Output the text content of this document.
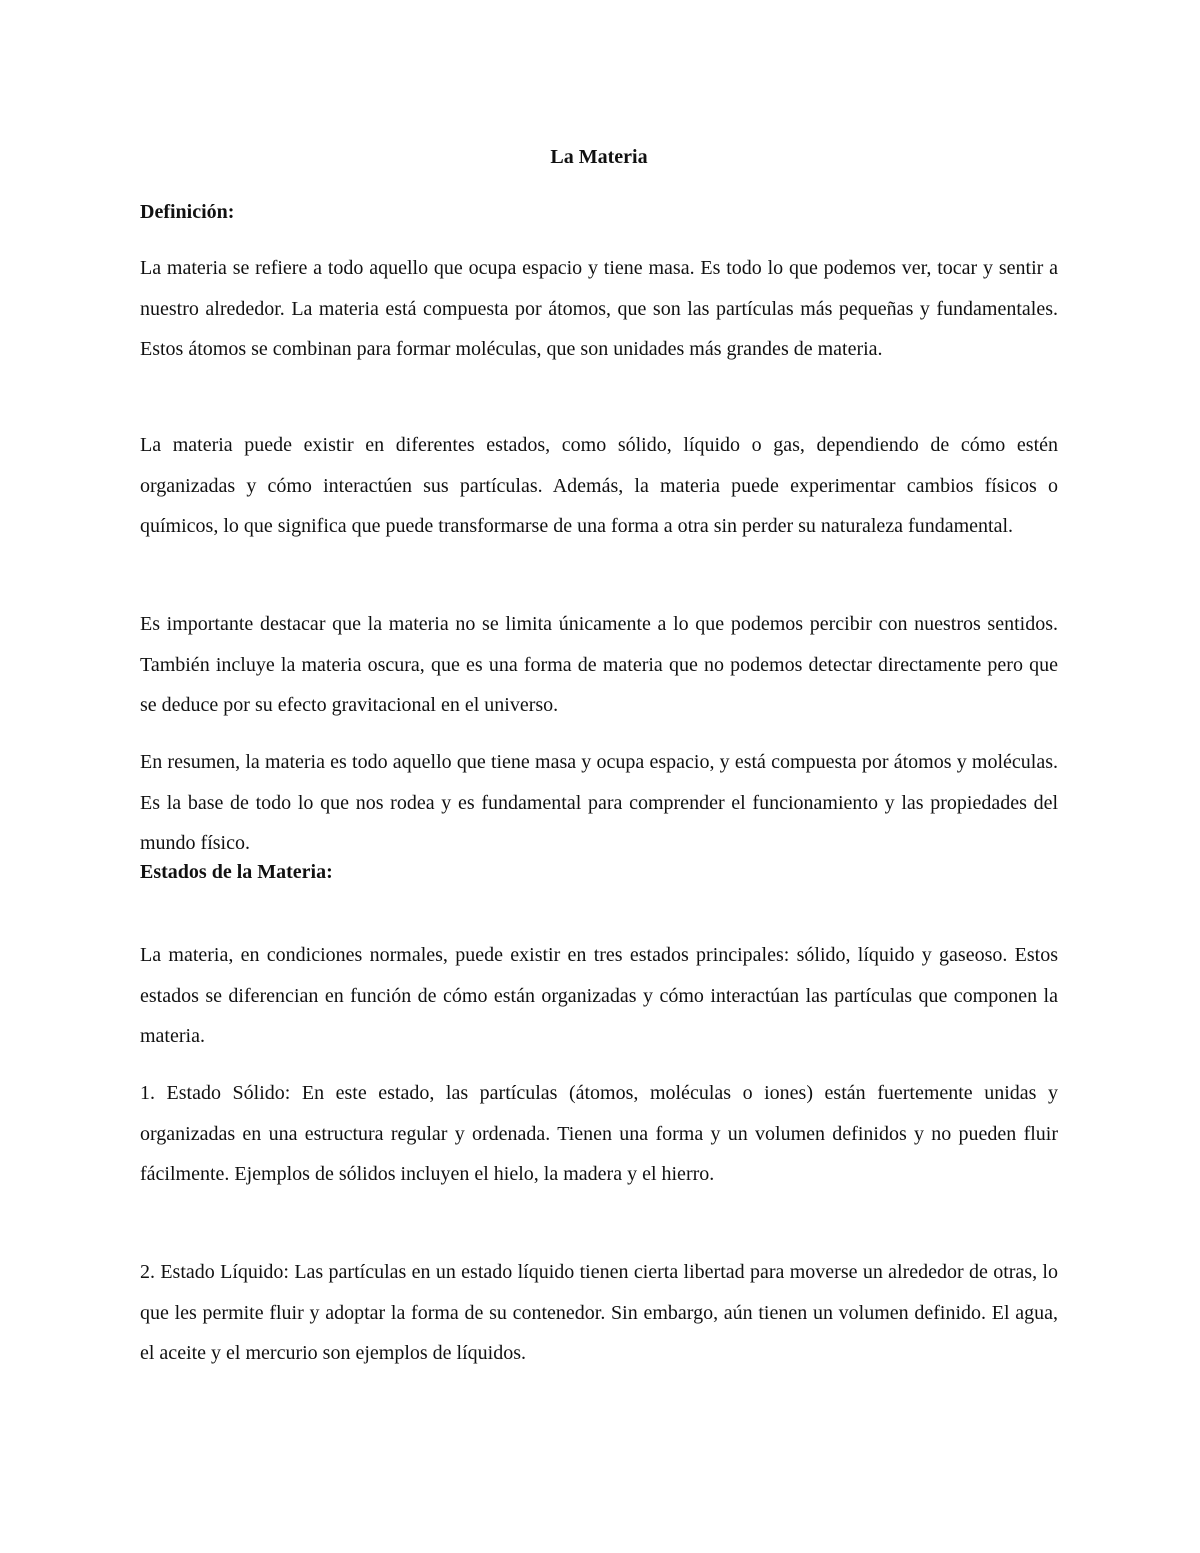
La Materia
Definición:

La materia se refiere a todo aquello que ocupa espacio y tiene masa. Es todo lo que podemos ver, tocar y sentir a nuestro alrededor. La materia está compuesta por átomos, que son las partículas más pequeñas y fundamentales. Estos átomos se combinan para formar moléculas, que son unidades más grandes de materia.

La materia puede existir en diferentes estados, como sólido, líquido o gas, dependiendo de cómo estén organizadas y cómo interactúen sus partículas. Además, la materia puede experimentar cambios físicos o químicos, lo que significa que puede transformarse de una forma a otra sin perder su naturaleza fundamental.

Es importante destacar que la materia no se limita únicamente a lo que podemos percibir con nuestros sentidos. También incluye la materia oscura, que es una forma de materia que no podemos detectar directamente pero que se deduce por su efecto gravitacional en el universo.

En resumen, la materia es todo aquello que tiene masa y ocupa espacio, y está compuesta por átomos y moléculas. Es la base de todo lo que nos rodea y es fundamental para comprender el funcionamiento y las propiedades del mundo físico.

Estados de la Materia:

La materia, en condiciones normales, puede existir en tres estados principales: sólido, líquido y gaseoso. Estos estados se diferencian en función de cómo están organizadas y cómo interactúan las partículas que componen la materia.

1. Estado Sólido: En este estado, las partículas (átomos, moléculas o iones) están fuertemente unidas y organizadas en una estructura regular y ordenada. Tienen una forma y un volumen definidos y no pueden fluir fácilmente. Ejemplos de sólidos incluyen el hielo, la madera y el hierro.

2. Estado Líquido: Las partículas en un estado líquido tienen cierta libertad para moverse un alrededor de otras, lo que les permite fluir y adoptar la forma de su contenedor. Sin embargo, aún tienen un volumen definido. El agua, el aceite y el mercurio son ejemplos de líquidos.
